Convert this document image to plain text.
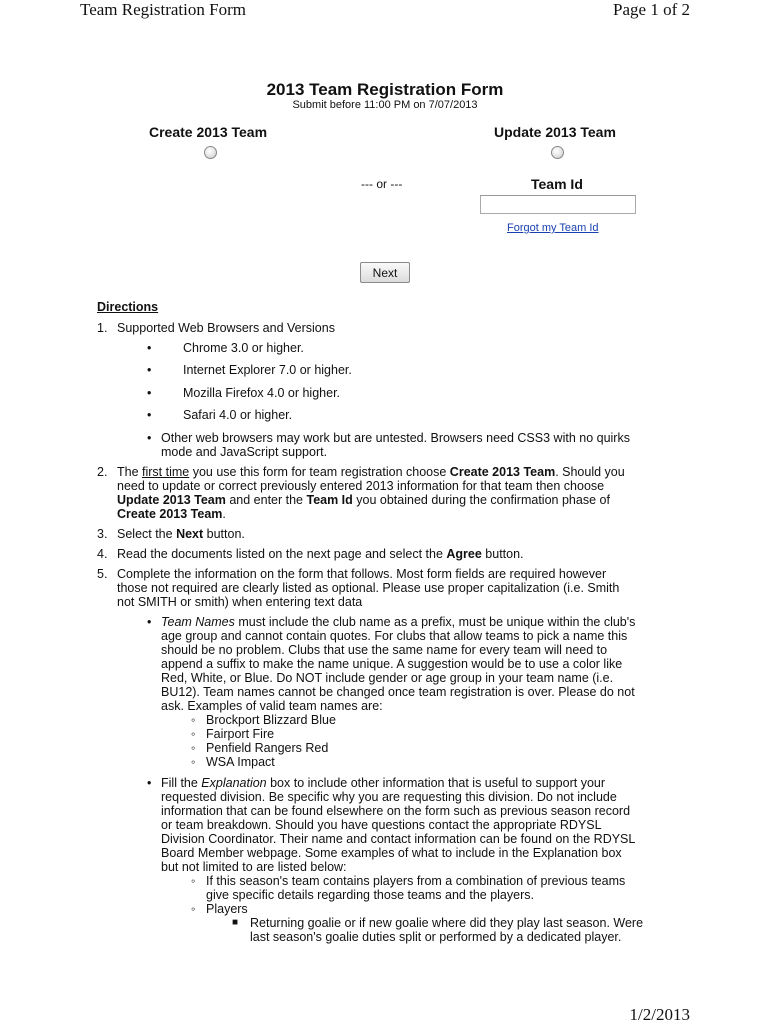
Team Registration Form	Page 1 of 2
1/2/2013
2013 Team Registration Form
Submit before 11:00 PM on 7/07/2013
Create 2013 Team	Update 2013 Team
--- or ---	Team Id
Forgot my Team Id
Next
Directions
1. Supported Web Browsers and Versions
•	Chrome 3.0 or higher.
•	Internet Explorer 7.0 or higher.
•	Mozilla Firefox 4.0 or higher.
•	Safari 4.0 or higher.
• Other web browsers may work but are untested. Browsers need CSS3 with no quirks
mode and JavaScript support.
2. The first time you use this form for team registration choose Create 2013 Team. Should you
need to update or correct previously entered 2013 information for that team then choose
Update 2013 Team and enter the Team Id you obtained during the confirmation phase of
Create 2013 Team.
3. Select the Next button.
4. Read the documents listed on the next page and select the Agree button.
5. Complete the information on the form that follows. Most form fields are required however
those not required are clearly listed as optional. Please use proper capitalization (i.e. Smith
not SMITH or smith) when entering text data
• Team Names must include the club name as a prefix, must be unique within the club's
age group and cannot contain quotes. For clubs that allow teams to pick a name this
should be no problem. Clubs that use the same name for every team will need to
append a suffix to make the name unique. A suggestion would be to use a color like
Red, White, or Blue. Do NOT include gender or age group in your team name (i.e.
BU12). Team names cannot be changed once team registration is over. Please do not
ask. Examples of valid team names are:
◦ Brockport Blizzard Blue
◦ Fairport Fire
◦ Penfield Rangers Red
◦ WSA Impact
• Fill the Explanation box to include other information that is useful to support your
requested division. Be specific why you are requesting this division. Do not include
information that can be found elsewhere on the form such as previous season record
or team breakdown. Should you have questions contact the appropriate RDYSL
Division Coordinator. Their name and contact information can be found on the RDYSL
Board Member webpage. Some examples of what to include in the Explanation box
but not limited to are listed below:
◦ If this season's team contains players from a combination of previous teams
give specific details regarding those teams and the players.
◦ Players
■ Returning goalie or if new goalie where did they play last season. Were
last season's goalie duties split or performed by a dedicated player.
